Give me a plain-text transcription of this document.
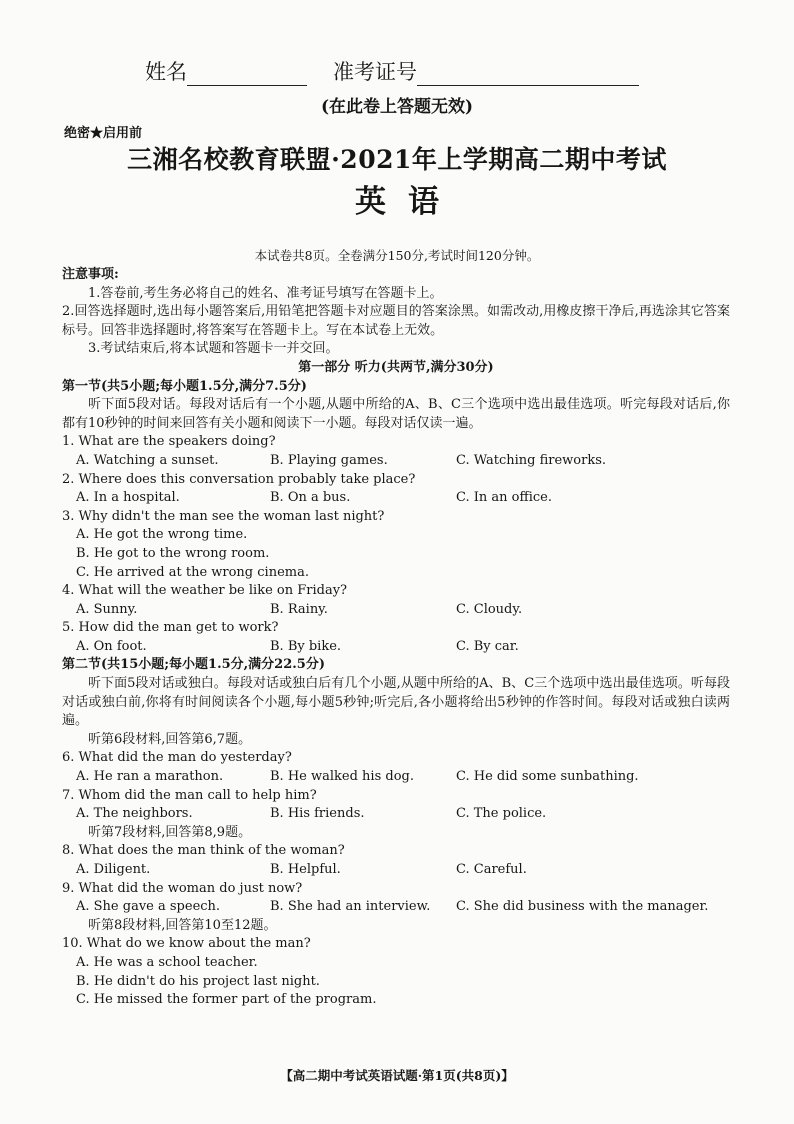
姓名	准考证号
(在此卷上答题无效)
绝密★启用前
三湘名校教育联盟·2021年上学期高二期中考试
英语
本试卷共8页。全卷满分150分,考试时间120分钟。
注意事项:
1.答卷前,考生务必将自己的姓名、准考证号填写在答题卡上。
2.回答选择题时,选出每小题答案后,用铅笔把答题卡对应题目的答案涂黑。如需改动,用橡皮擦干净后,再选涂其它答案标号。回答非选择题时,将答案写在答题卡上。写在本试卷上无效。
3.考试结束后,将本试题和答题卡一并交回。
第一部分 听力(共两节,满分30分)
第一节(共5小题;每小题1.5分,满分7.5分)
听下面5段对话。每段对话后有一个小题,从题中所给的A、B、C三个选项中选出最佳选项。听完每段对话后,你都有10秒钟的时间来回答有关小题和阅读下一小题。每段对话仅读一遍。
1. What are the speakers doing?
A. Watching a sunset.	B. Playing games.	C. Watching fireworks.
2. Where does this conversation probably take place?
A. In a hospital.	B. On a bus.	C. In an office.
3. Why didn't the man see the woman last night?
A. He got the wrong time.
B. He got to the wrong room.
C. He arrived at the wrong cinema.
4. What will the weather be like on Friday?
A. Sunny.	B. Rainy.	C. Cloudy.
5. How did the man get to work?
A. On foot.	B. By bike.	C. By car.
第二节(共15小题;每小题1.5分,满分22.5分)
听下面5段对话或独白。每段对话或独白后有几个小题,从题中所给的A、B、C三个选项中选出最佳选项。听每段对话或独白前,你将有时间阅读各个小题,每小题5秒钟;听完后,各小题将给出5秒钟的作答时间。每段对话或独白读两遍。
听第6段材料,回答第6,7题。
6. What did the man do yesterday?
A. He ran a marathon.	B. He walked his dog.	C. He did some sunbathing.
7. Whom did the man call to help him?
A. The neighbors.	B. His friends.	C. The police.
听第7段材料,回答第8,9题。
8. What does the man think of the woman?
A. Diligent.	B. Helpful.	C. Careful.
9. What did the woman do just now?
A. She gave a speech.	B. She had an interview.	C. She did business with the manager.
听第8段材料,回答第10至12题。
10. What do we know about the man?
A. He was a school teacher.
B. He didn't do his project last night.
C. He missed the former part of the program.
【高二期中考试英语试题·第1页(共8页)】
